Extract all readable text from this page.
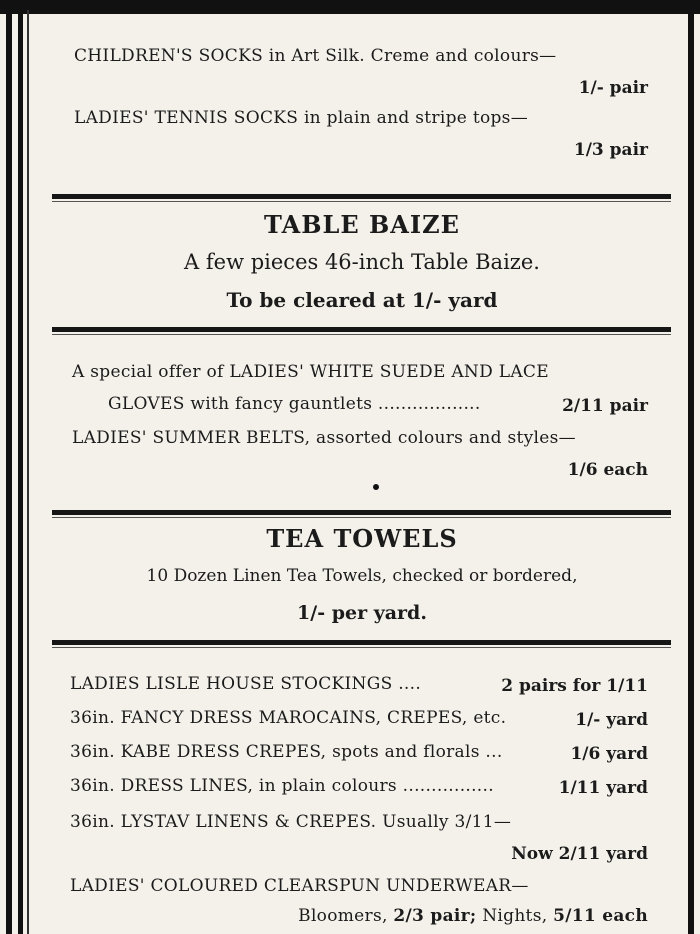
CHILDREN'S SOCKS in Art Silk. Creme and colours—
1/- pair
LADIES' TENNIS SOCKS in plain and stripe tops—
1/3 pair
TABLE BAIZE
A few pieces 46-inch Table Baize.
To be cleared at 1/- yard
A special offer of LADIES' WHITE SUEDE AND LACE
GLOVES with fancy gauntlets ..................	2/11 pair
LADIES' SUMMER BELTS, assorted colours and styles—
1/6 each
TEA TOWELS
10 Dozen Linen Tea Towels, checked or bordered,
1/- per yard.
LADIES LISLE HOUSE STOCKINGS ....	2 pairs for 1/11
36in. FANCY DRESS MAROCAINS, CREPES, etc.	1/- yard
36in. KABE DRESS CREPES, spots and florals ...	1/6 yard
36in. DRESS LINES, in plain colours ................	1/11 yard
36in. LYSTAV LINENS & CREPES. Usually 3/11—
Now 2/11 yard
LADIES' COLOURED CLEARSPUN UNDERWEAR—
Bloomers, 2/3 pair; Nights, 5/11 each
